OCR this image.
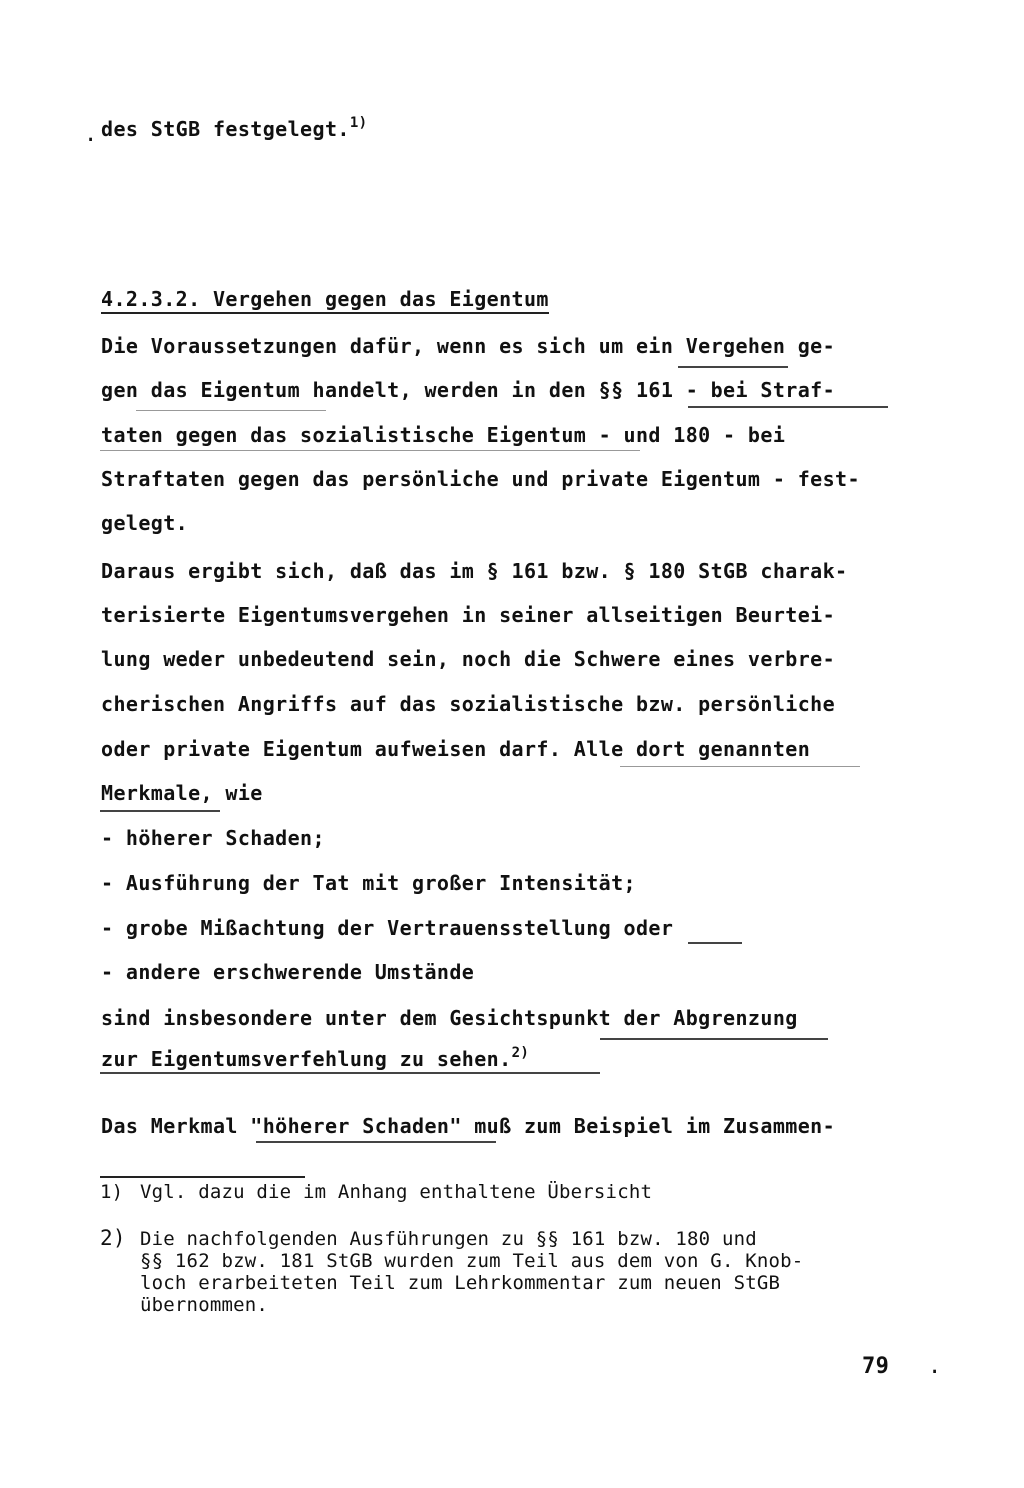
.
.

des StGB festgelegt.$^{1)}$

4.2.3.2. Vergehen gegen das Eigentum

Die Voraussetzungen dafür, wenn es sich um ein Vergehen ge-

gen das Eigentum handelt, werden in den §§ 161 - bei Straf-

taten gegen das sozialistische Eigentum - und 180 - bei

Straftaten gegen das persönliche und private Eigentum - fest-

gelegt.

Daraus ergibt sich, daß das im § 161 bzw. § 180 StGB charak-

terisierte Eigentumsvergehen in seiner allseitigen Beurtei-

lung weder unbedeutend sein, noch die Schwere eines verbre-

cherischen Angriffs auf das sozialistische bzw. persönliche

oder private Eigentum aufweisen darf. Alle dort genannten

Merkmale, wie

- höherer Schaden;

- Ausführung der Tat mit großer Intensität;

- grobe Mißachtung der Vertrauensstellung oder

- andere erschwerende Umstände

sind insbesondere unter dem Gesichtspunkt der Abgrenzung

zur Eigentumsverfehlung zu sehen.$^{2)}$

Das Merkmal "höherer Schaden" muß zum Beispiel im Zusammen-

1) Vgl. dazu die im Anhang enthaltene Übersicht

2) Die nachfolgenden Ausführungen zu §§ 161 bzw. 180 und

§§ 162 bzw. 181 StGB wurden zum Teil aus dem von G. Knob-

loch erarbeiteten Teil zum Lehrkommentar zum neuen StGB

übernommen.

79
